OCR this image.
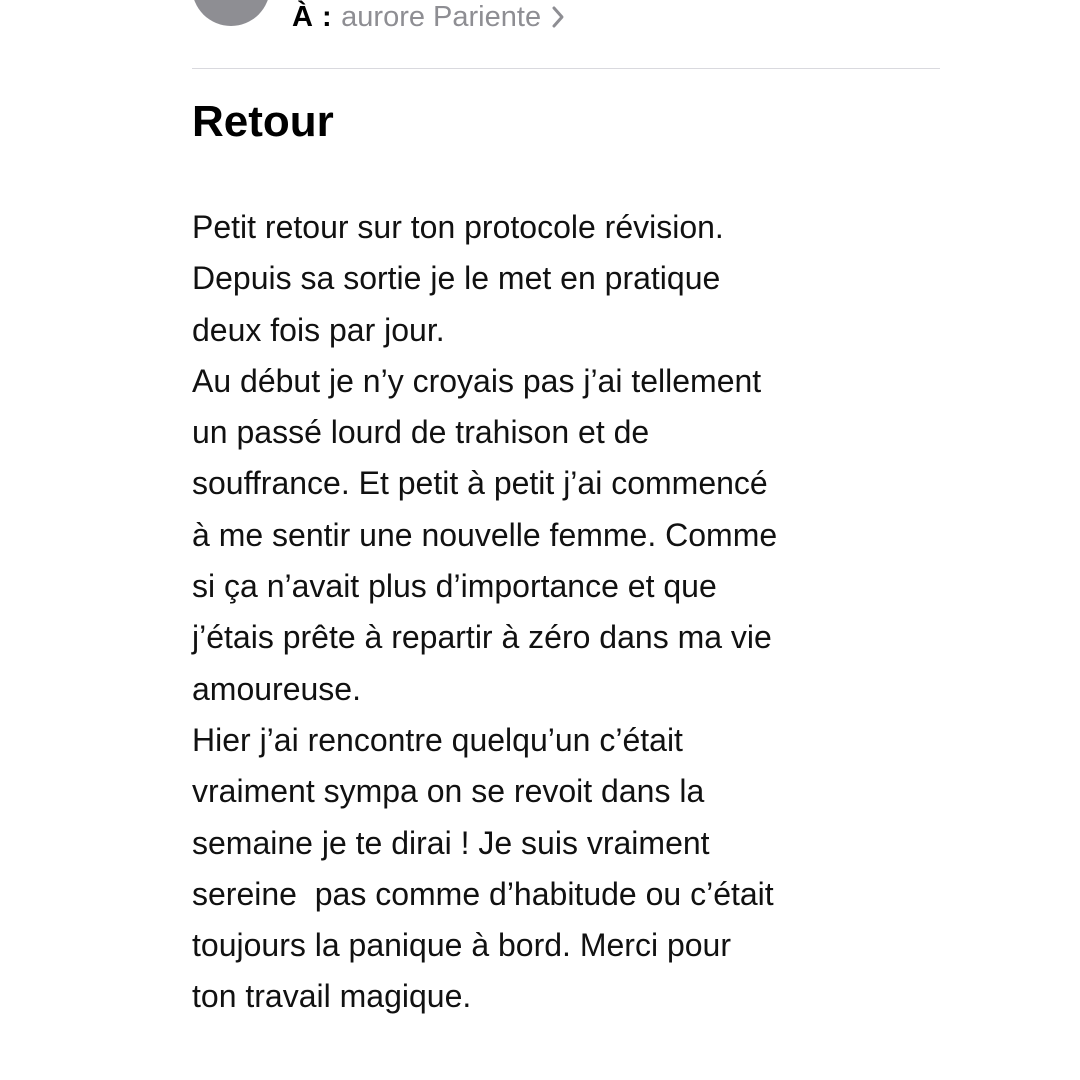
À : aurore Pariente
Retour
Petit retour sur ton protocole révision.
Depuis sa sortie je le met en pratique
deux fois par jour.
Au début je n’y croyais pas j’ai tellement
un passé lourd de trahison et de
souffrance. Et petit à petit j’ai commencé
à me sentir une nouvelle femme. Comme
si ça n’avait plus d’importance et que
j’étais prête à repartir à zéro dans ma vie
amoureuse.
Hier j’ai rencontre quelqu’un c’était
vraiment sympa on se revoit dans la
semaine je te dirai ! Je suis vraiment
sereine  pas comme d’habitude ou c’était
toujours la panique à bord. Merci pour
ton travail magique.
